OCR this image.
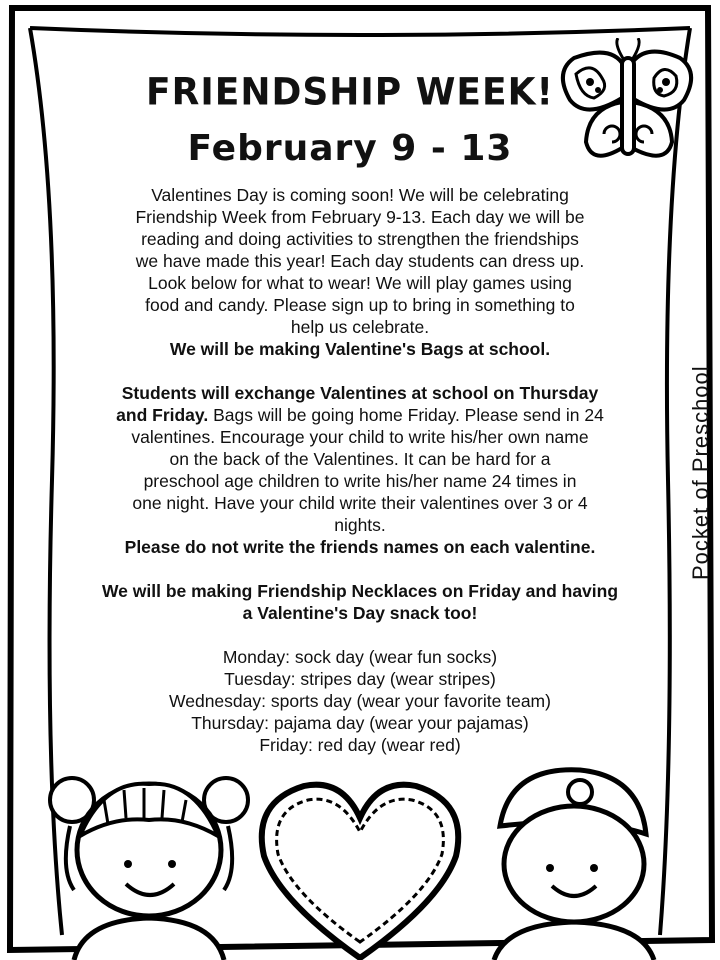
FRIENDSHIP WEEK!
February 9 - 13

Valentines Day is coming soon! We will be celebrating

Friendship Week from February 9-13. Each day we will be

reading and doing activities to strengthen the friendships

we have made this year! Each day students can dress up.

Look below for what to wear! We will play games using

food and candy. Please sign up to bring in something to

help us celebrate.

We will be making Valentine's Bags at school.

Students will exchange Valentines at school on Thursday

and Friday. Bags will be going home Friday. Please send in 24

valentines. Encourage your child to write his/her own name

on the back of the Valentines. It can be hard for a

preschool age children to write his/her name 24 times in

one night. Have your child write their valentines over 3 or 4

nights.

Please do not write the friends names on each valentine.

We will be making Friendship Necklaces on Friday and having

a Valentine's Day snack too!

Monday: sock day (wear fun socks)

Tuesday: stripes day (wear stripes)

Wednesday: sports day (wear your favorite team)

Thursday: pajama day (wear your pajamas)

Friday: red day (wear red)

Pocket of Preschool
